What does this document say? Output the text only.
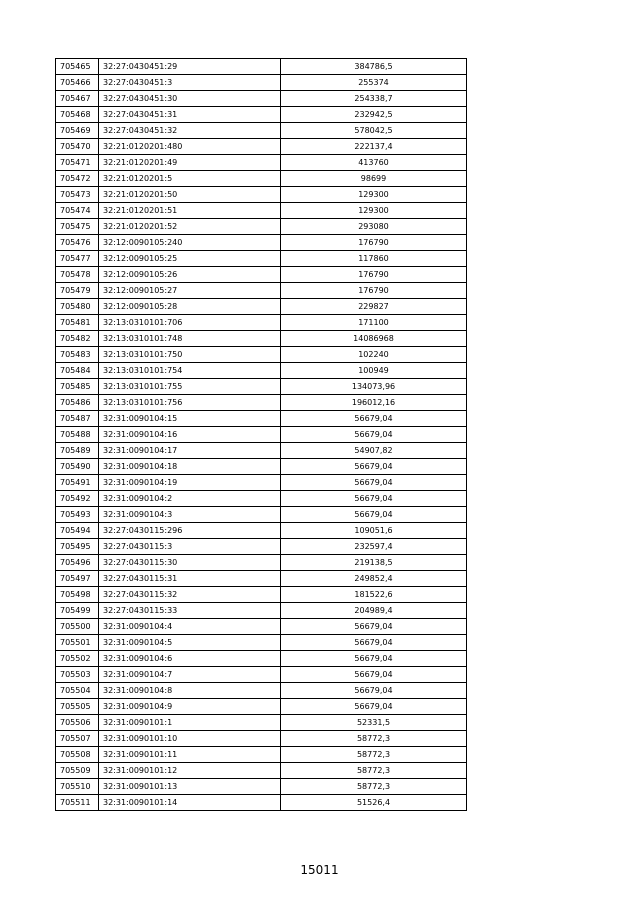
705465	32:27:0430451:29	384786,5
705466	32:27:0430451:3	255374
705467	32:27:0430451:30	254338,7
705468	32:27:0430451:31	232942,5
705469	32:27:0430451:32	578042,5
705470	32:21:0120201:480	222137,4
705471	32:21:0120201:49	413760
705472	32:21:0120201:5	98699
705473	32:21:0120201:50	129300
705474	32:21:0120201:51	129300
705475	32:21:0120201:52	293080
705476	32:12:0090105:240	176790
705477	32:12:0090105:25	117860
705478	32:12:0090105:26	176790
705479	32:12:0090105:27	176790
705480	32:12:0090105:28	229827
705481	32:13:0310101:706	171100
705482	32:13:0310101:748	14086968
705483	32:13:0310101:750	102240
705484	32:13:0310101:754	100949
705485	32:13:0310101:755	134073,96
705486	32:13:0310101:756	196012,16
705487	32:31:0090104:15	56679,04
705488	32:31:0090104:16	56679,04
705489	32:31:0090104:17	54907,82
705490	32:31:0090104:18	56679,04
705491	32:31:0090104:19	56679,04
705492	32:31:0090104:2	56679,04
705493	32:31:0090104:3	56679,04
705494	32:27:0430115:296	109051,6
705495	32:27:0430115:3	232597,4
705496	32:27:0430115:30	219138,5
705497	32:27:0430115:31	249852,4
705498	32:27:0430115:32	181522,6
705499	32:27:0430115:33	204989,4
705500	32:31:0090104:4	56679,04
705501	32:31:0090104:5	56679,04
705502	32:31:0090104:6	56679,04
705503	32:31:0090104:7	56679,04
705504	32:31:0090104:8	56679,04
705505	32:31:0090104:9	56679,04
705506	32:31:0090101:1	52331,5
705507	32:31:0090101:10	58772,3
705508	32:31:0090101:11	58772,3
705509	32:31:0090101:12	58772,3
705510	32:31:0090101:13	58772,3
705511	32:31:0090101:14	51526,4
15011
